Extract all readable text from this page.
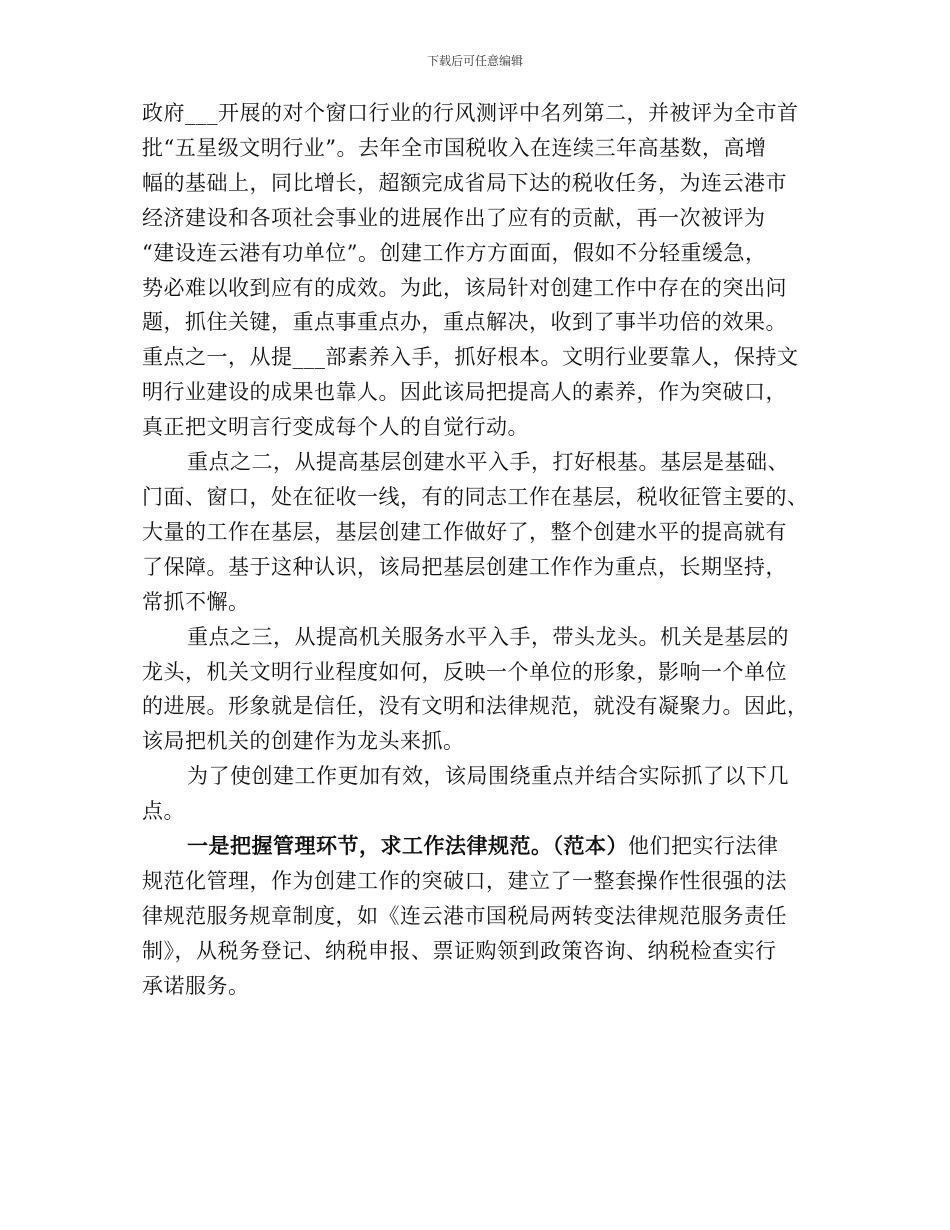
下载后可任意编辑

政府___开展的对个窗口行业的行风测评中名列第二，并被评为全市首
批“五星级文明行业”。去年全市国税收入在连续三年高基数，高增
幅的基础上，同比增长，超额完成省局下达的税收任务，为连云港市
经济建设和各项社会事业的进展作出了应有的贡献，再一次被评为
“建设连云港有功单位”。创建工作方方面面，假如不分轻重缓急，
势必难以收到应有的成效。为此，该局针对创建工作中存在的突出问
题，抓住关键，重点事重点办，重点解决，收到了事半功倍的效果。
重点之一，从提___部素养入手，抓好根本。文明行业要靠人，保持文
明行业建设的成果也靠人。因此该局把提高人的素养，作为突破口，
真正把文明言行变成每个人的自觉行动。

重点之二，从提高基层创建水平入手，打好根基。基层是基础、
门面、窗口，处在征收一线，有的同志工作在基层，税收征管主要的、
大量的工作在基层，基层创建工作做好了，整个创建水平的提高就有
了保障。基于这种认识，该局把基层创建工作作为重点，长期坚持，
常抓不懈。

重点之三，从提高机关服务水平入手，带头龙头。机关是基层的
龙头，机关文明行业程度如何，反映一个单位的形象，影响一个单位
的进展。形象就是信任，没有文明和法律规范，就没有凝聚力。因此，
该局把机关的创建作为龙头来抓。

为了使创建工作更加有效，该局围绕重点并结合实际抓了以下几
点。

一是把握管理环节，求工作法律规范。（范本）他们把实行法律
规范化管理，作为创建工作的突破口，建立了一整套操作性很强的法
律规范服务规章制度，如《连云港市国税局两转变法律规范服务责任
制》，从税务登记、纳税申报、票证购领到政策咨询、纳税检查实行
承诺服务。
